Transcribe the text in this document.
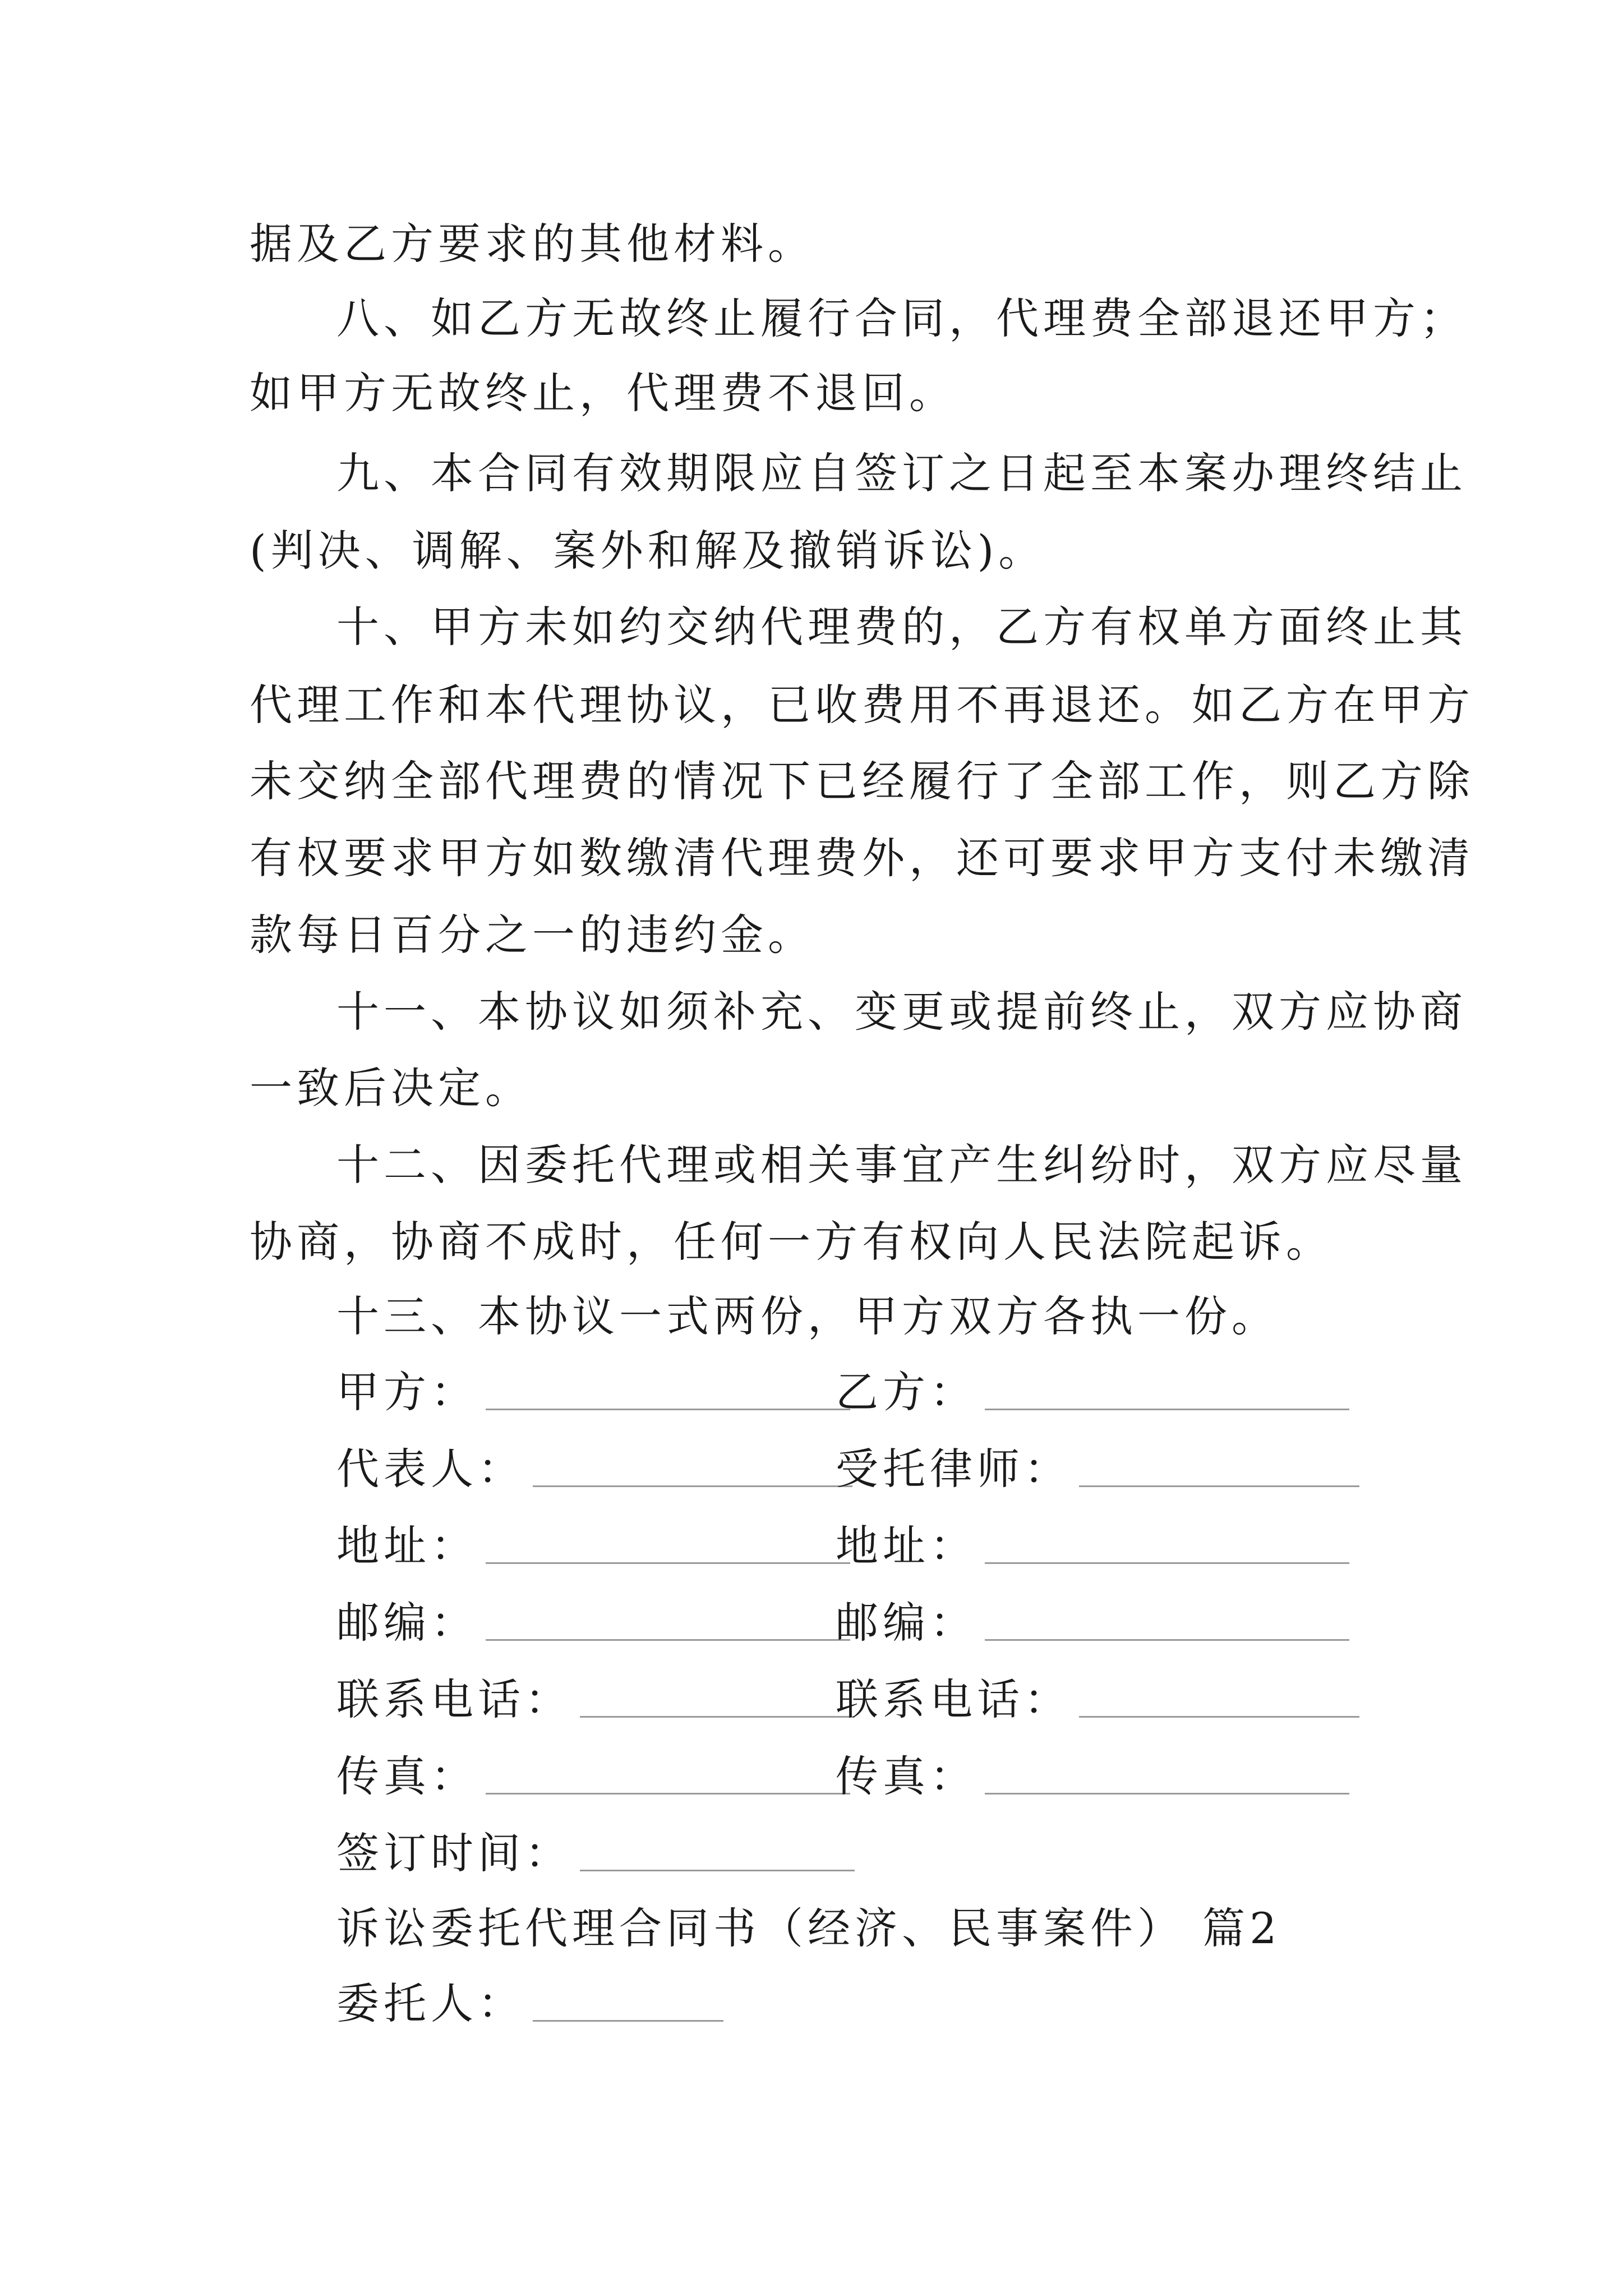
据及乙方要求的其他材料。
八、如乙方无故终止履行合同，代理费全部退还甲方；
如甲方无故终止，代理费不退回。
九、本合同有效期限应自签订之日起至本案办理终结止
(判决、调解、案外和解及撤销诉讼)。
十、甲方未如约交纳代理费的，乙方有权单方面终止其
代理工作和本代理协议，已收费用不再退还。如乙方在甲方
未交纳全部代理费的情况下已经履行了全部工作，则乙方除
有权要求甲方如数缴清代理费外，还可要求甲方支付未缴清
款每日百分之一的违约金。
十一、本协议如须补充、变更或提前终止，双方应协商
一致后决定。
十二、因委托代理或相关事宜产生纠纷时，双方应尽量
协商，协商不成时，任何一方有权向人民法院起诉。
十三、本协议一式两份，甲方双方各执一份。
甲方：	乙方：
代表人：	受托律师：
地址：	地址：
邮编：	邮编：
联系电话：	联系电话：
传真：	传真：
签订时间：
诉讼委托代理合同书（经济、民事案件） 篇2
委托人：
